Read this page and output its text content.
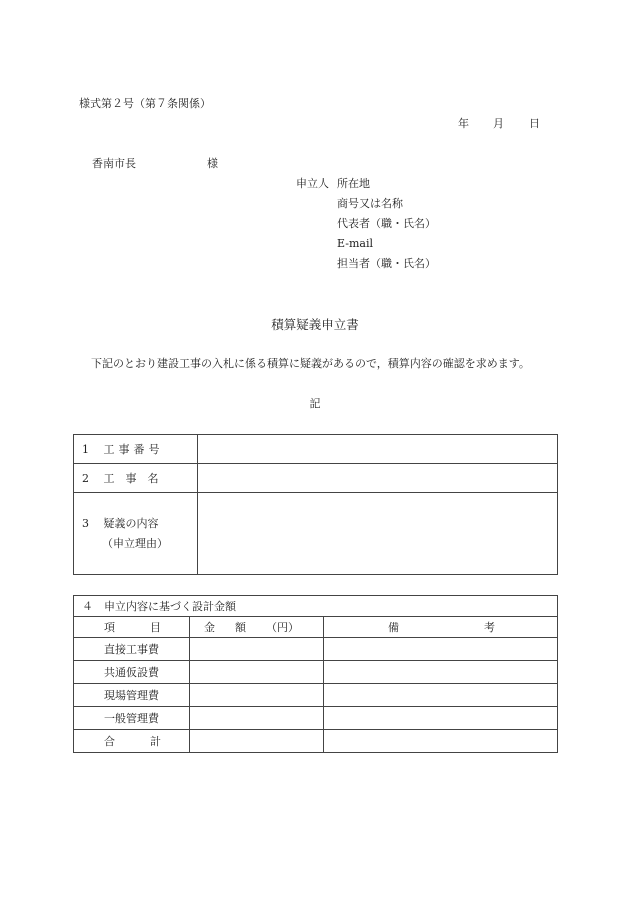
様式第２号（第７条関係）
年 月 日
香南市長	様
申立人 所在地
商号又は名称
代表者（職・氏名）
E-mail
担当者（職・氏名）
積算疑義申立書
下記のとおり建設工事の入札に係る積算に疑義があるので，積算内容の確認を求めます。
記
1　 工事番号	
2　 工　事　名	
3　 疑義の内容
（申立理由）	
４　申立内容に基づく設計金額		

項 目	金 額 （円）	備 考

直接工事費		
共通仮設費		
現場管理費		
一般管理費		

合 計		
